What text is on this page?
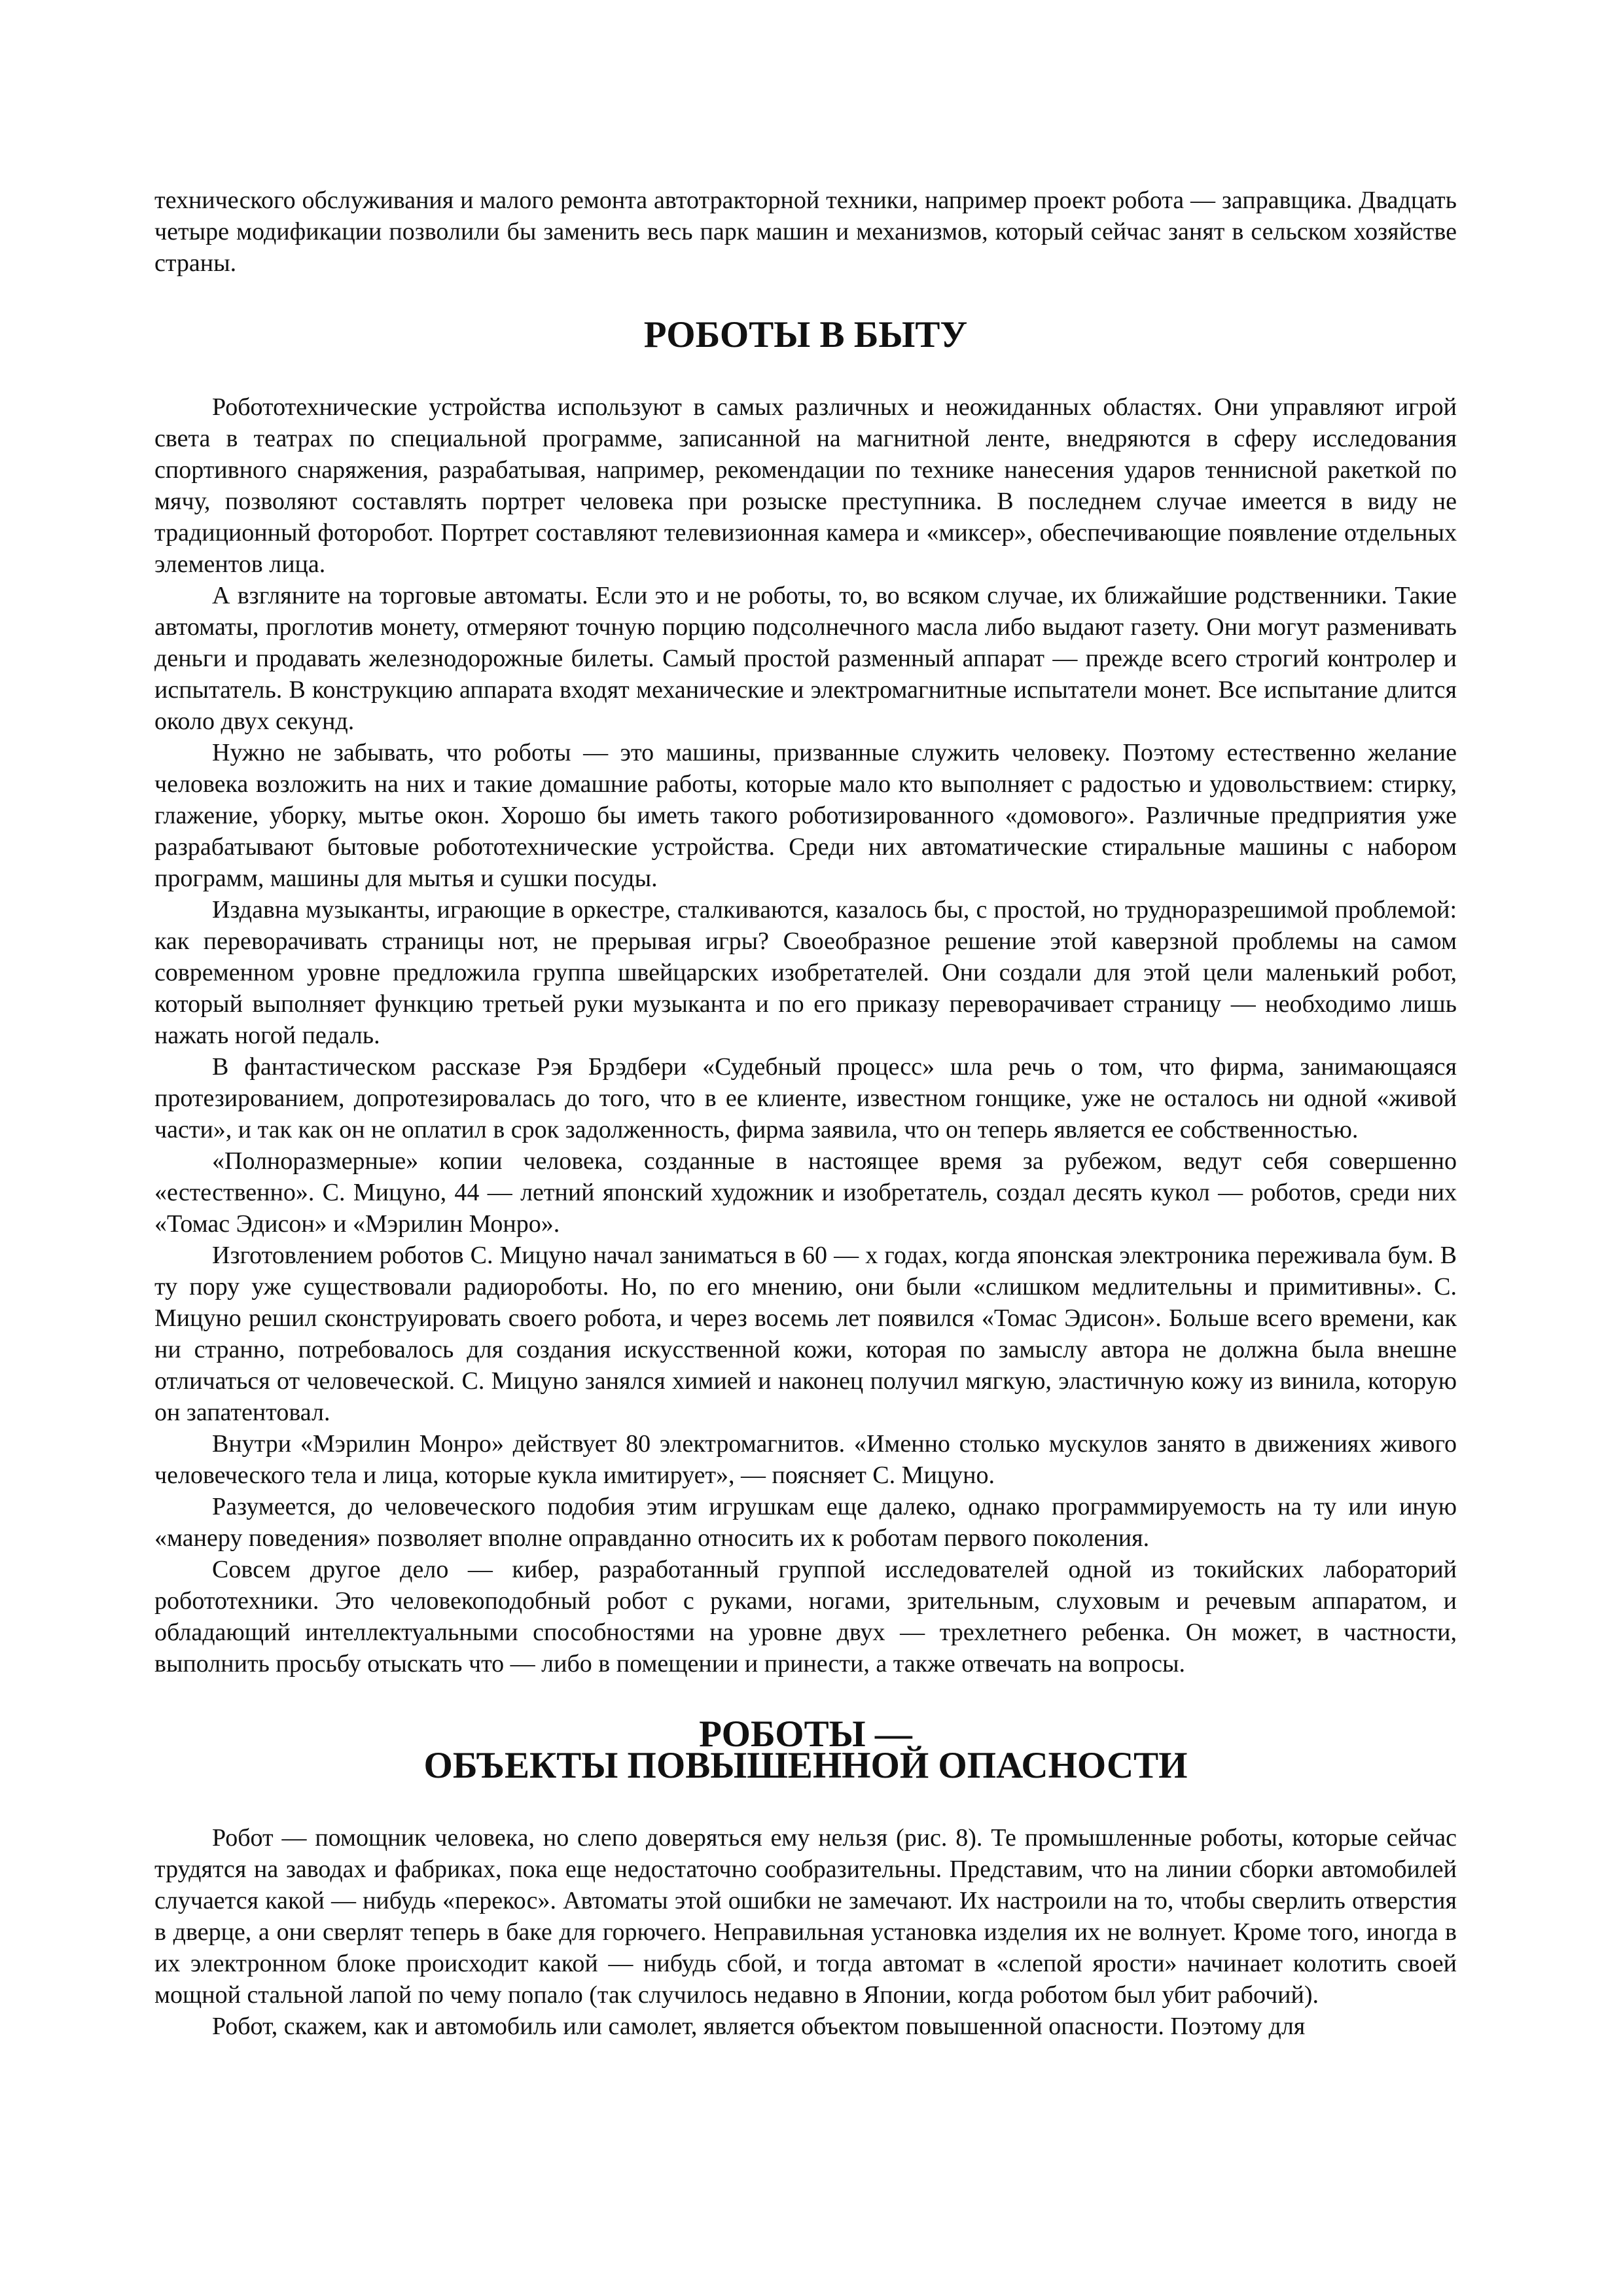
технического обслуживания и малого ремонта автотракторной техники, например проект робота — заправщика. Двадцать четыре модификации позволили бы заменить весь парк машин и механизмов, который сейчас занят в сельском хозяйстве страны.

РОБОТЫ В БЫТУ

Робототехнические устройства используют в самых различных и неожиданных областях. Они управляют игрой света в театрах по специальной программе, записанной на магнитной ленте, внедряются в сферу исследования спортивного снаряжения, разрабатывая, например, рекомендации по технике нанесения ударов теннисной ракеткой по мячу, позволяют составлять портрет человека при розыске преступника. В последнем случае имеется в виду не традиционный фоторобот. Портрет составляют телевизионная камера и «миксер», обеспечивающие появление отдельных элементов лица.

А взгляните на торговые автоматы. Если это и не роботы, то, во всяком случае, их ближайшие родственники. Такие автоматы, проглотив монету, отмеряют точную порцию подсолнечного масла либо выдают газету. Они могут разменивать деньги и продавать железнодорожные билеты. Самый простой разменный аппарат — прежде всего строгий контролер и испытатель. В конструкцию аппарата входят механические и электромагнитные испытатели монет. Все испытание длится около двух секунд.

Нужно не забывать, что роботы — это машины, призванные служить человеку. Поэтому естественно желание человека возложить на них и такие домашние работы, которые мало кто выполняет с радостью и удовольствием: стирку, глажение, уборку, мытье окон. Хорошо бы иметь такого роботизированного «домового». Различные предприятия уже разрабатывают бытовые робототехнические устройства. Среди них автоматические стиральные машины с набором программ, машины для мытья и сушки посуды.

Издавна музыканты, играющие в оркестре, сталкиваются, казалось бы, с простой, но трудноразрешимой проблемой: как переворачивать страницы нот, не прерывая игры? Своеобразное решение этой каверзной проблемы на самом современном уровне предложила группа швейцарских изобретателей. Они создали для этой цели маленький робот, который выполняет функцию третьей руки музыканта и по его приказу переворачивает страницу — необходимо лишь нажать ногой педаль.

В фантастическом рассказе Рэя Брэдбери «Судебный процесс» шла речь о том, что фирма, занимающаяся протезированием, допротезировалась до того, что в ее клиенте, известном гонщике, уже не осталось ни одной «живой части», и так как он не оплатил в срок задолженность, фирма заявила, что он теперь является ее собственностью.

«Полноразмерные» копии человека, созданные в настоящее время за рубежом, ведут себя совершенно «естественно». С. Мицуно, 44 — летний японский художник и изобретатель, создал десять кукол — роботов, среди них «Томас Эдисон» и «Мэрилин Монро».

Изготовлением роботов С. Мицуно начал заниматься в 60 — х годах, когда японская электроника переживала бум. В ту пору уже существовали радиороботы. Но, по его мнению, они были «слишком медлительны и примитивны». С. Мицуно решил сконструировать своего робота, и через восемь лет появился «Томас Эдисон». Больше всего времени, как ни странно, потребовалось для создания искусственной кожи, которая по замыслу автора не должна была внешне отличаться от человеческой. С. Мицуно занялся химией и наконец получил мягкую, эластичную кожу из винила, которую он запатентовал.

Внутри «Мэрилин Монро» действует 80 электромагнитов. «Именно столько мускулов занято в движениях живого человеческого тела и лица, которые кукла имитирует», — поясняет С. Мицуно.

Разумеется, до человеческого подобия этим игрушкам еще далеко, однако программируемость на ту или иную «манеру поведения» позволяет вполне оправданно относить их к роботам первого поколения.

Совсем другое дело — кибер, разработанный группой исследователей одной из токийских лабораторий робототехники. Это человекоподобный робот с руками, ногами, зрительным, слуховым и речевым аппаратом, и обладающий интеллектуальными способностями на уровне двух — трехлетнего ребенка. Он может, в частности, выполнить просьбу отыскать что — либо в помещении и принести, а также отвечать на вопросы.

РОБОТЫ —
ОБЪЕКТЫ ПОВЫШЕННОЙ ОПАСНОСТИ

Робот — помощник человека, но слепо доверяться ему нельзя (рис. 8). Те промышленные роботы, которые сейчас трудятся на заводах и фабриках, пока еще недостаточно сообразительны. Представим, что на линии сборки автомобилей случается какой — нибудь «перекос». Автоматы этой ошибки не замечают. Их настроили на то, чтобы сверлить отверстия в дверце, а они сверлят теперь в баке для горючего. Неправильная установка изделия их не волнует. Кроме того, иногда в их электронном блоке происходит какой — нибудь сбой, и тогда автомат в «слепой ярости» начинает колотить своей мощной стальной лапой по чему попало (так случилось недавно в Японии, когда роботом был убит рабочий).

Робот, скажем, как и автомобиль или самолет, является объектом повышенной опасности. Поэтому для
